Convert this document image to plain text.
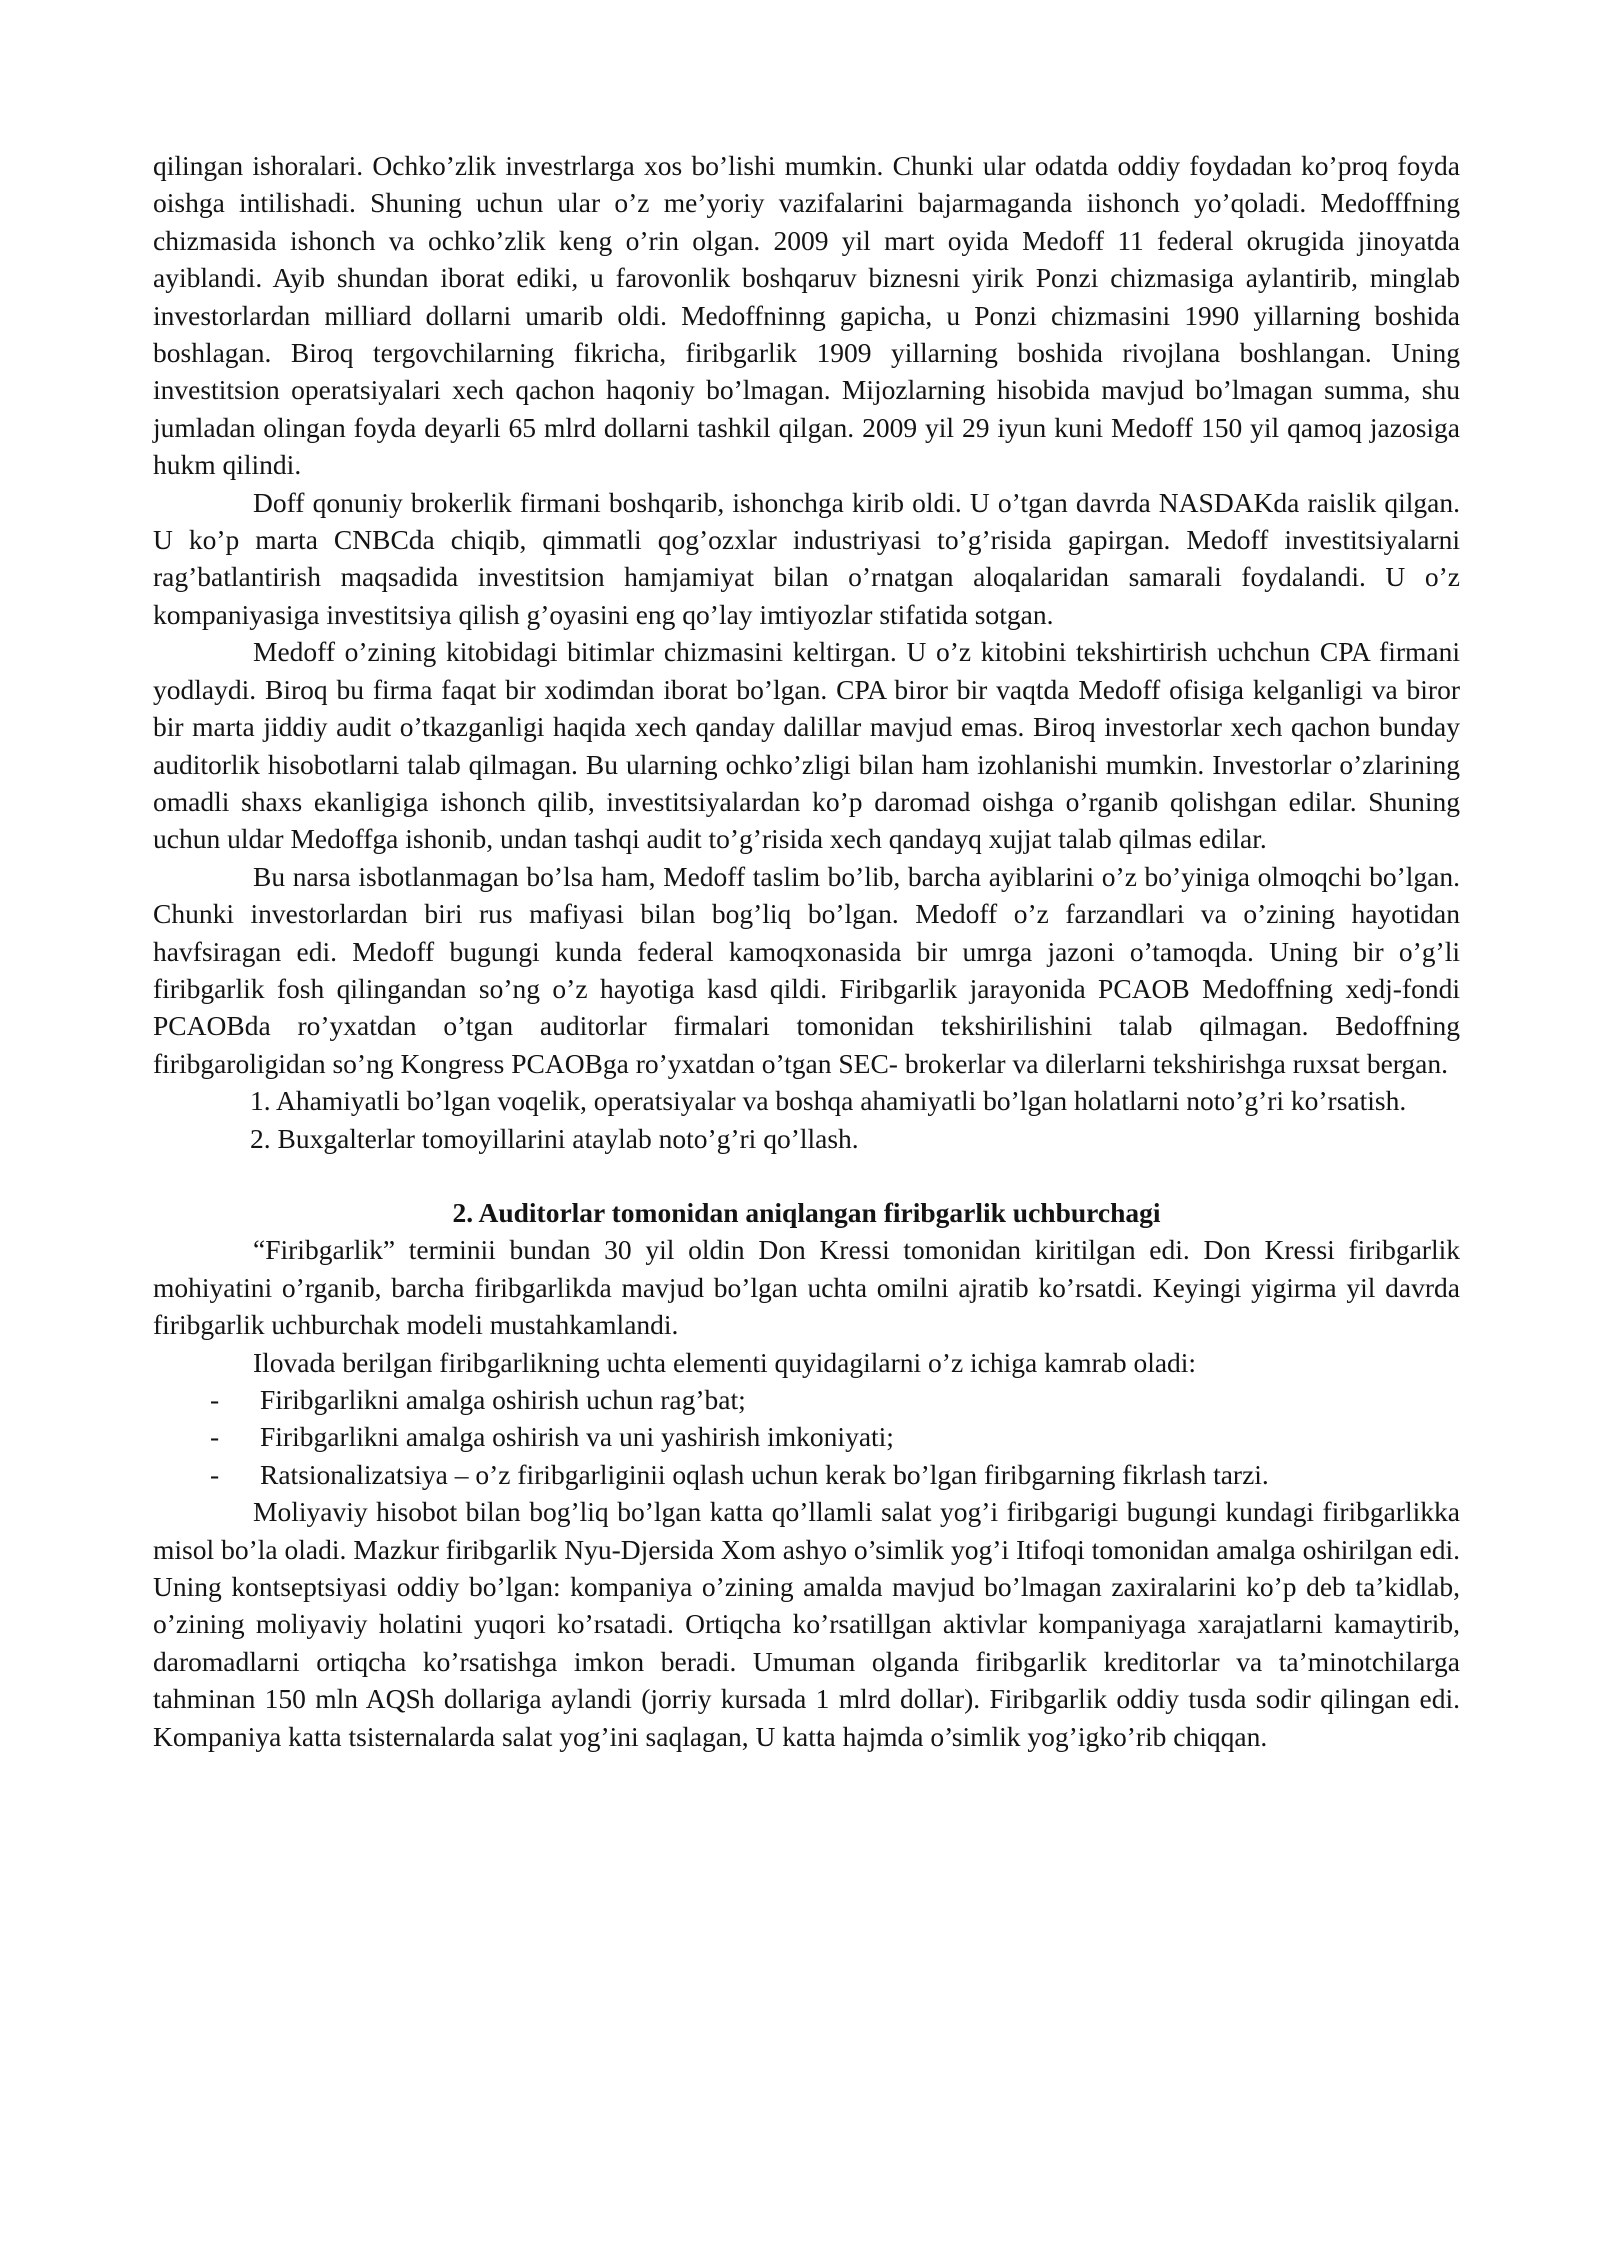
qilingan ishoralari. Ochko’zlik investrlarga xos bo’lishi mumkin. Chunki ular odatda oddiy foydadan ko’proq foyda oishga intilishadi. Shuning uchun ular o’z me’yoriy vazifalarini bajarmaganda iishonch yo’qoladi. Medofffning chizmasida ishonch va ochko’zlik keng o’rin olgan. 2009 yil mart oyida Medoff 11 federal okrugida jinoyatda ayiblandi. Ayib shundan iborat ediki, u farovonlik boshqaruv biznesni yirik Ponzi chizmasiga aylantirib, minglab investorlardan milliard dollarni umarib oldi. Medoffninng gapicha, u Ponzi chizmasini 1990 yillarning boshida boshlagan. Biroq tergovchilarning fikricha, firibgarlik 1909 yillarning boshida rivojlana boshlangan. Uning investitsion operatsiyalari xech qachon haqoniy bo’lmagan. Mijozlarning hisobida mavjud bo’lmagan summa, shu jumladan olingan foyda deyarli 65 mlrd dollarni tashkil qilgan. 2009 yil 29 iyun kuni Medoff 150 yil qamoq jazosiga hukm qilindi.

Doff qonuniy brokerlik firmani boshqarib, ishonchga kirib oldi. U o’tgan davrda NASDAKda raislik qilgan. U ko’p marta CNBCda chiqib, qimmatli qog’ozxlar industriyasi to’g’risida gapirgan. Medoff investitsiyalarni rag’batlantirish maqsadida investitsion hamjamiyat bilan o’rnatgan aloqalaridan samarali foydalandi. U o’z kompaniyasiga investitsiya qilish g’oyasini eng qo’lay imtiyozlar stifatida sotgan.

Medoff o’zining kitobidagi bitimlar chizmasini keltirgan. U o’z kitobini tekshirtirish uchchun CPA firmani yodlaydi. Biroq bu firma faqat bir xodimdan iborat bo’lgan. CPA biror bir vaqtda Medoff ofisiga kelganligi va biror bir marta jiddiy audit o’tkazganligi haqida xech qanday dalillar mavjud emas. Biroq investorlar xech qachon bunday auditorlik hisobotlarni talab qilmagan. Bu ularning ochko’zligi bilan ham izohlanishi mumkin. Investorlar o’zlarining omadli shaxs ekanligiga ishonch qilib, investitsiyalardan ko’p daromad oishga o’rganib qolishgan edilar. Shuning uchun uldar Medoffga ishonib, undan tashqi audit to’g’risida xech qandayq xujjat talab qilmas edilar.

Bu narsa isbotlanmagan bo’lsa ham, Medoff taslim bo’lib, barcha ayiblarini o’z bo’yiniga olmoqchi bo’lgan. Chunki investorlardan biri rus mafiyasi bilan bog’liq bo’lgan. Medoff o’z farzandlari va o’zining hayotidan havfsiragan edi. Medoff bugungi kunda federal kamoqxonasida bir umrga jazoni o’tamoqda. Uning bir o’g’li firibgarlik fosh qilingandan so’ng o’z hayotiga kasd qildi. Firibgarlik jarayonida PCAOB Medoffning xedj-fondi PCAOBda ro’yxatdan o’tgan auditorlar firmalari tomonidan tekshirilishini talab qilmagan. Bedoffning firibgaroligidan so’ng Kongress PCAOBga ro’yxatdan o’tgan SEC- brokerlar va dilerlarni tekshirishga ruxsat bergan.

1. Ahamiyatli bo’lgan voqelik, operatsiyalar va boshqa ahamiyatli bo’lgan holatlarni noto’g’ri ko’rsatish.

2. Buxgalterlar tomoyillarini ataylab noto’g’ri qo’llash.

2. Auditorlar tomonidan aniqlangan firibgarlik uchburchagi

“Firibgarlik” terminii bundan 30 yil oldin Don Kressi tomonidan kiritilgan edi. Don Kressi firibgarlik mohiyatini o’rganib, barcha firibgarlikda mavjud bo’lgan uchta omilni ajratib ko’rsatdi. Keyingi yigirma yil davrda firibgarlik uchburchak modeli mustahkamlandi.

Ilovada berilgan firibgarlikning uchta elementi quyidagilarni o’z ichiga kamrab oladi:

- Firibgarlikni amalga oshirish uchun rag’bat;

- Firibgarlikni amalga oshirish va uni yashirish imkoniyati;

- Ratsionalizatsiya – o’z firibgarliginii oqlash uchun kerak bo’lgan firibgarning fikrlash tarzi.

Moliyaviy hisobot bilan bog’liq bo’lgan katta qo’llamli salat yog’i firibgarigi bugungi kundagi firibgarlikka misol bo’la oladi. Mazkur firibgarlik Nyu-Djersida Xom ashyo o’simlik yog’i Itifoqi tomonidan amalga oshirilgan edi. Uning kontseptsiyasi oddiy bo’lgan: kompaniya o’zining amalda mavjud bo’lmagan zaxiralarini ko’p deb ta’kidlab, o’zining moliyaviy holatini yuqori ko’rsatadi. Ortiqcha ko’rsatillgan aktivlar kompaniyaga xarajatlarni kamaytirib, daromadlarni ortiqcha ko’rsatishga imkon beradi. Umuman olganda firibgarlik kreditorlar va ta’minotchilarga tahminan 150 mln AQSh dollariga aylandi (jorriy kursada 1 mlrd dollar). Firibgarlik oddiy tusda sodir qilingan edi. Kompaniya katta tsisternalarda salat yog’ini saqlagan, U katta hajmda o’simlik yog’igko’rib chiqqan.
